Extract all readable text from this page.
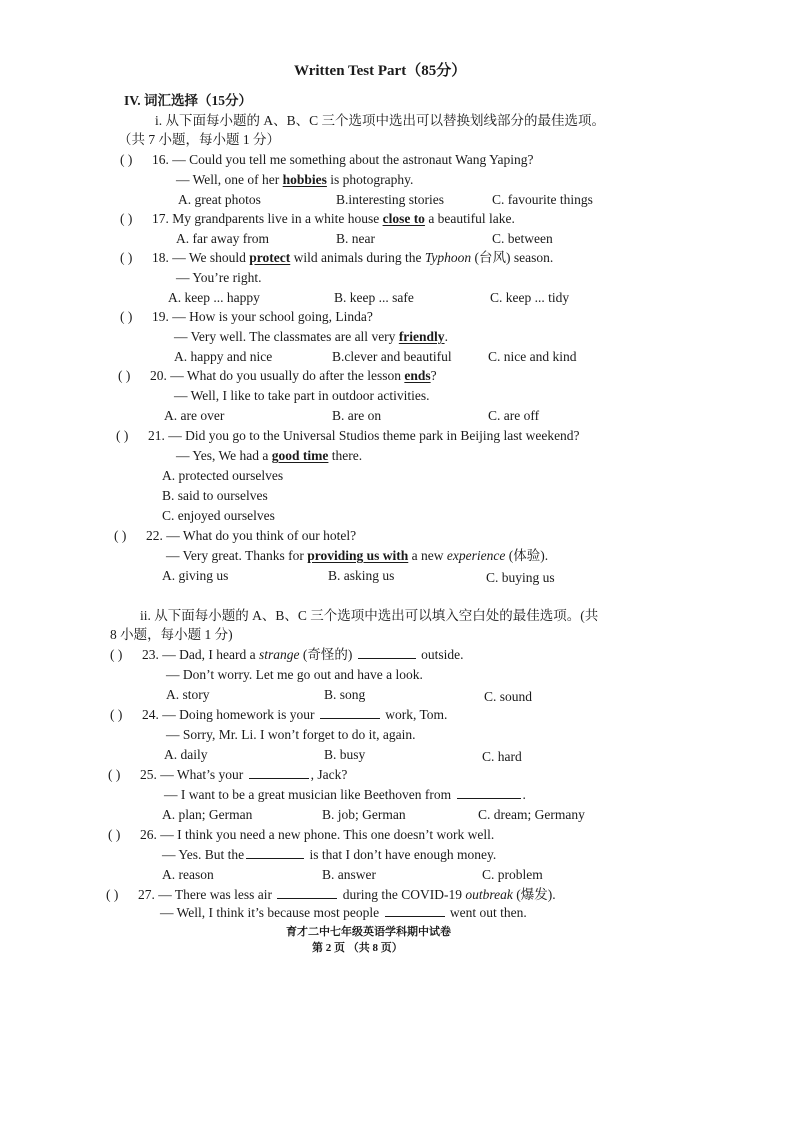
Written Test Part（85分）
IV. 词汇选择（15分）
i. 从下面每小题的 A、B、C 三个选项中选出可以替换划线部分的最佳选项。
（共 7 小题，每小题 1 分）
( ) 16. — Could you tell me something about the astronaut Wang Yaping?
— Well, one of her hobbies is photography.
A. great photos	B.interesting stories	C. favourite things
( ) 17. My grandparents live in a white house close to a beautiful lake.
A. far away from	B. near	C. between
( ) 18. — We should protect wild animals during the Typhoon (台风) season.
— You’re right.
A. keep ... happy	B. keep ... safe	C. keep ... tidy
( ) 19. — How is your school going, Linda?
— Very well. The classmates are all very friendly.
A. happy and nice	B.clever and beautiful	C. nice and kind
( ) 20. — What do you usually do after the lesson ends?
— Well, I like to take part in outdoor activities.
A. are over	B. are on	C. are off
( ) 21. — Did you go to the Universal Studios theme park in Beijing last weekend?
— Yes, We had a good time there.
A. protected ourselves
B. said to ourselves
C. enjoyed ourselves
( ) 22. — What do you think of our hotel?
— Very great. Thanks for providing us with a new experience (体验).
A. giving us	B. asking us	C. buying us
ii. 从下面每小题的 A、B、C 三个选项中选出可以填入空白处的最佳选项。(共
8 小题，每小题 1 分)
( ) 23. — Dad, I heard a strange (奇怪的)	outside.
— Don’t worry. Let me go out and have a look.
A. story	B. song	C. sound
( ) 24. — Doing homework is your	work, Tom.
— Sorry, Mr. Li. I won’t forget to do it, again.
A. daily	B. busy	C. hard
( ) 25. — What’s your	, Jack?
— I want to be a great musician like Beethoven from	.
A. plan; German	B. job; German	C. dream; Germany
( ) 26. — I think you need a new phone. This one doesn’t work well.
— Yes. But the	is that I don’t have enough money.
A. reason	B. answer	C. problem
( ) 27. — There was less air	during the COVID-19 outbreak (爆发).
— Well, I think it’s because most people	went out then.
育才二中七年级英语学科期中试卷
第 2 页 （共 8 页）
